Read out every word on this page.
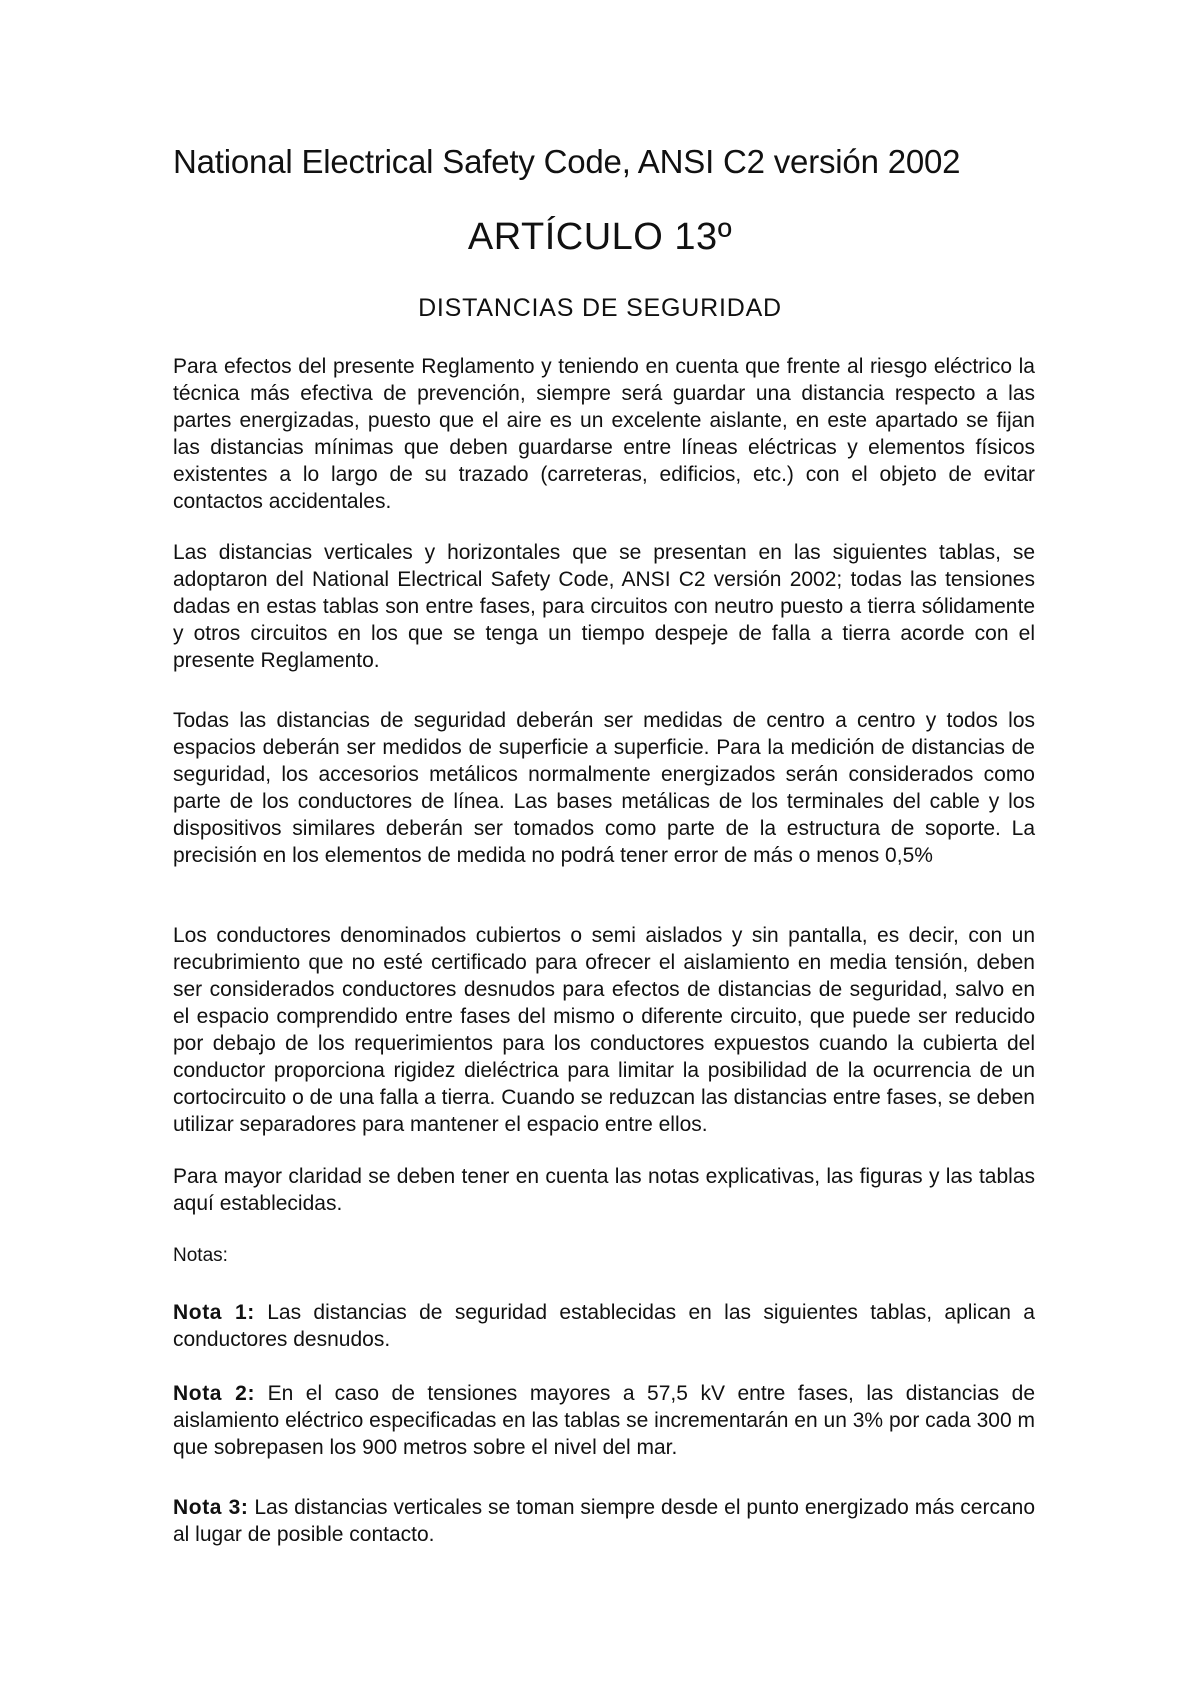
National Electrical Safety Code, ANSI C2 versión 2002
ARTÍCULO 13º
DISTANCIAS DE SEGURIDAD

Para efectos del presente Reglamento y teniendo en cuenta que frente al riesgo eléctrico la técnica más efectiva de prevención, siempre será guardar una distancia respecto a las partes energizadas, puesto que el aire es un excelente aislante, en este apartado se fijan las distancias mínimas que deben guardarse entre líneas eléctricas y elementos físicos existentes a lo largo de su trazado (carreteras, edificios, etc.) con el objeto de evitar contactos accidentales.

Las distancias verticales y horizontales que se presentan en las siguientes tablas, se adoptaron del National Electrical Safety Code, ANSI C2 versión 2002; todas las tensiones dadas en estas tablas son entre fases, para circuitos con neutro puesto a tierra sólidamente y otros circuitos en los que se tenga un tiempo despeje de falla a tierra acorde con el presente Reglamento.

Todas las distancias de seguridad deberán ser medidas de centro a centro y todos los espacios deberán ser medidos de superficie a superficie. Para la medición de distancias de seguridad, los accesorios metálicos normalmente energizados serán considerados como parte de los conductores de línea. Las bases metálicas de los terminales del cable y los dispositivos similares deberán ser tomados como parte de la estructura de soporte. La precisión en los elementos de medida no podrá tener error de más o menos 0,5%

Los conductores denominados cubiertos o semi aislados y sin pantalla, es decir, con un recubrimiento que no esté certificado para ofrecer el aislamiento en media tensión, deben ser considerados conductores desnudos para efectos de distancias de seguridad, salvo en el espacio comprendido entre fases del mismo o diferente circuito, que puede ser reducido por debajo de los requerimientos para los conductores expuestos cuando la cubierta del conductor proporciona rigidez dieléctrica para limitar la posibilidad de la ocurrencia de un cortocircuito o de una falla a tierra. Cuando se reduzcan las distancias entre fases, se deben utilizar separadores para mantener el espacio entre ellos.

Para mayor claridad se deben tener en cuenta las notas explicativas, las figuras y las tablas aquí establecidas.

Notas:

Nota 1: Las distancias de seguridad establecidas en las siguientes tablas, aplican a conductores desnudos.

Nota 2: En el caso de tensiones mayores a 57,5 kV entre fases, las distancias de aislamiento eléctrico especificadas en las tablas se incrementarán en un 3% por cada 300 m que sobrepasen los 900 metros sobre el nivel del mar.

Nota 3: Las distancias verticales se toman siempre desde el punto energizado más cercano al lugar de posible contacto.
